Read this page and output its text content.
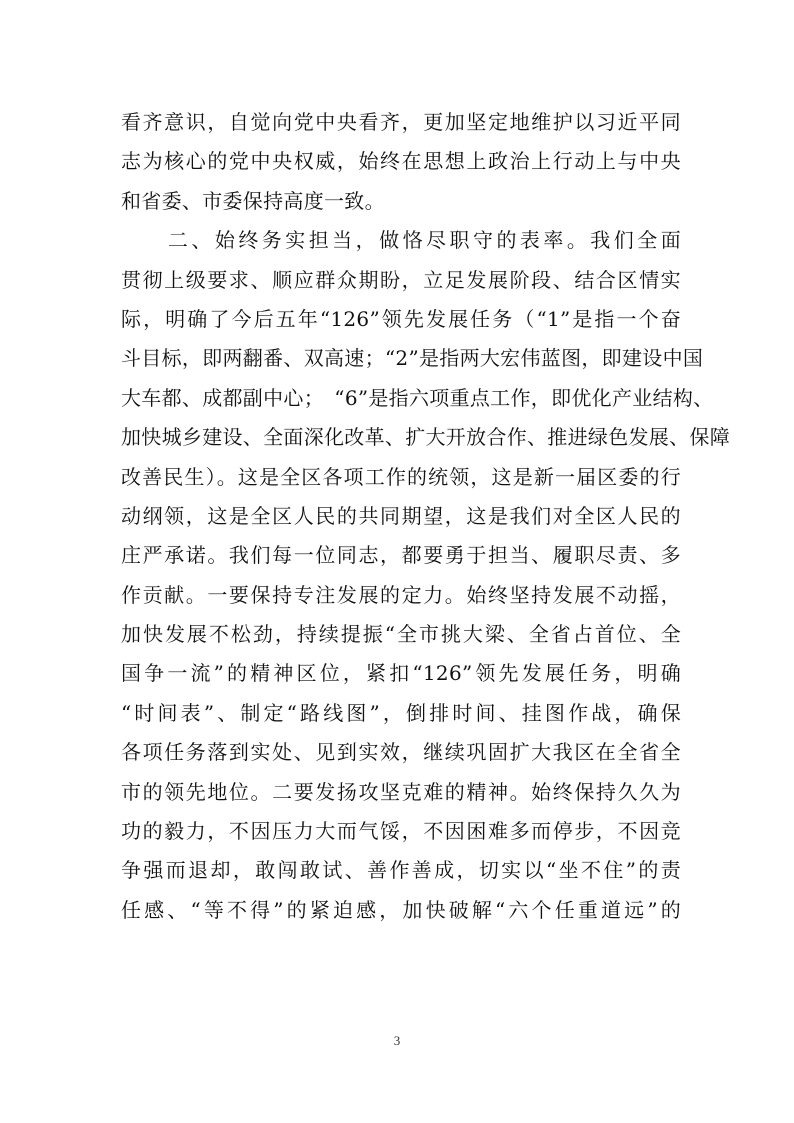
看齐意识，自觉向党中央看齐，更加坚定地维护以习近平同
志为核心的党中央权威，始终在思想上政治上行动上与中央
和省委、市委保持高度一致。
　　二、始终务实担当，做恪尽职守的表率。我们全面
贯彻上级要求、顺应群众期盼，立足发展阶段、结合区情实
际，明确了今后五年“126”领先发展任务（“1”是指一个奋
斗目标，即两翻番、双高速；“2”是指两大宏伟蓝图，即建设中国
大车都、成都副中心；　“6”是指六项重点工作，即优化产业结构、
加快城乡建设、全面深化改革、扩大开放合作、推进绿色发展、保障
改善民生）。这是全区各项工作的统领，这是新一届区委的行
动纲领，这是全区人民的共同期望，这是我们对全区人民的
庄严承诺。我们每一位同志，都要勇于担当、履职尽责、多
作贡献。一要保持专注发展的定力。始终坚持发展不动摇，
加快发展不松劲，持续提振“全市挑大梁、全省占首位、全
国争一流”的精神区位，紧扣“126”领先发展任务，明确
“时间表”、制定“路线图”，倒排时间、挂图作战，确保
各项任务落到实处、见到实效，继续巩固扩大我区在全省全
市的领先地位。二要发扬攻坚克难的精神。始终保持久久为
功的毅力，不因压力大而气馁，不因困难多而停步，不因竞
争强而退却，敢闯敢试、善作善成，切实以“坐不住”的责
任感、“等不得”的紧迫感，加快破解“六个任重道远”的
3
